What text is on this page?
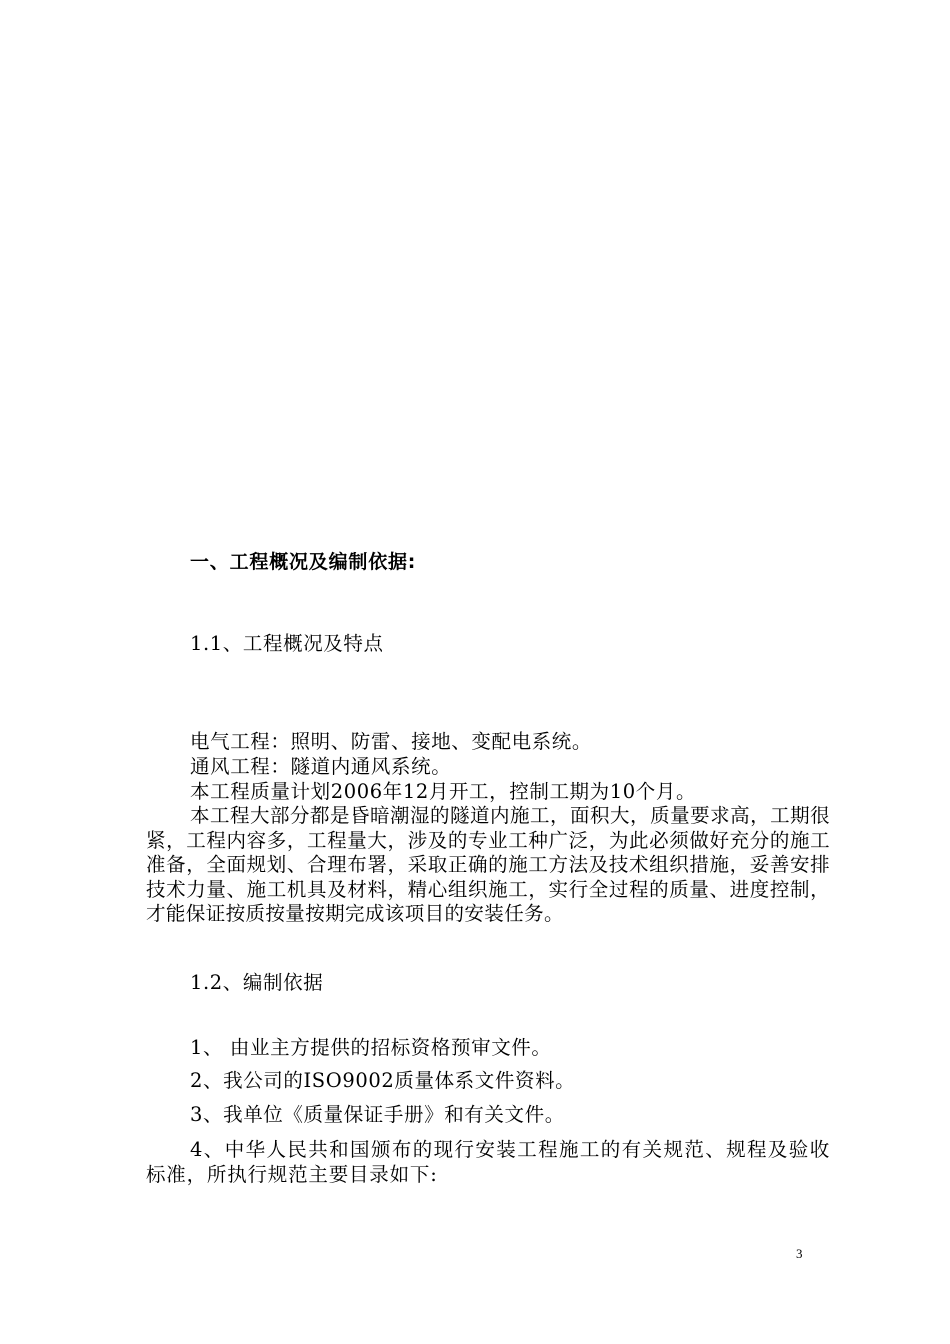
一、工程概况及编制依据:
1.1、工程概况及特点
电气工程：照明、防雷、接地、变配电系统。
通风工程：隧道内通风系统。
本工程质量计划2006年12月开工，控制工期为10个月。
本工程大部分都是昏暗潮湿的隧道内施工，面积大，质量要求高，工期很紧，工程内容多，工程量大，涉及的专业工种广泛，为此必须做好充分的施工准备，全面规划、合理布署，采取正确的施工方法及技术组织措施，妥善安排技术力量、施工机具及材料，精心组织施工，实行全过程的质量、进度控制，才能保证按质按量按期完成该项目的安装任务。
1.2、编制依据
1、 由业主方提供的招标资格预审文件。
2、我公司的ISO9002质量体系文件资料。
3、我单位《质量保证手册》和有关文件。
4、中华人民共和国颁布的现行安装工程施工的有关规范、规程及验收标准，所执行规范主要目录如下:
3
